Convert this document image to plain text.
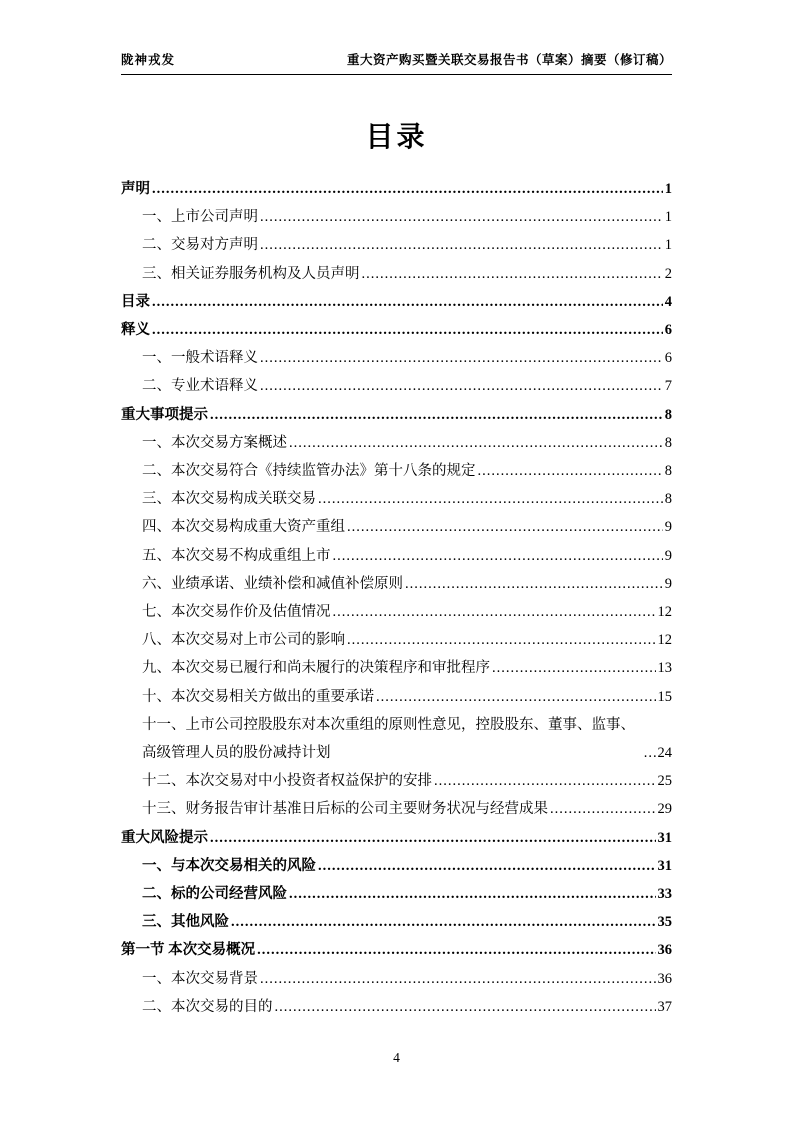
陇神戎发	重大资产购买暨关联交易报告书（草案）摘要（修订稿）
目录
声明 .....	1
一、上市公司声明 .....	1
二、交易对方声明 .....	1
三、相关证券服务机构及人员声明 .....	2
目录 .....	4
释义 .....	6
一、一般术语释义 .....	6
二、专业术语释义 .....	7
重大事项提示 .....	8
一、本次交易方案概述 .....	8
二、本次交易符合《持续监管办法》第十八条的规定 .....	8
三、本次交易构成关联交易 .....	8
四、本次交易构成重大资产重组 .....	9
五、本次交易不构成重组上市 .....	9
六、业绩承诺、业绩补偿和减值补偿原则 .....	9
七、本次交易作价及估值情况 .....	12
八、本次交易对上市公司的影响 .....	12
九、本次交易已履行和尚未履行的决策程序和审批程序 .....	13
十、本次交易相关方做出的重要承诺 .....	15
十一、上市公司控股股东对本次重组的原则性意见，控股股东、董事、监事、高级管理人员的股份减持计划 .....	24
十二、本次交易对中小投资者权益保护的安排 .....	25
十三、财务报告审计基准日后标的公司主要财务状况与经营成果 .....	29
重大风险提示 .....	31
一、与本次交易相关的风险 .....	31
二、标的公司经营风险 .....	33
三、其他风险 .....	35
第一节 本次交易概况 .....	36
一、本次交易背景 .....	36
二、本次交易的目的 .....	37
4
